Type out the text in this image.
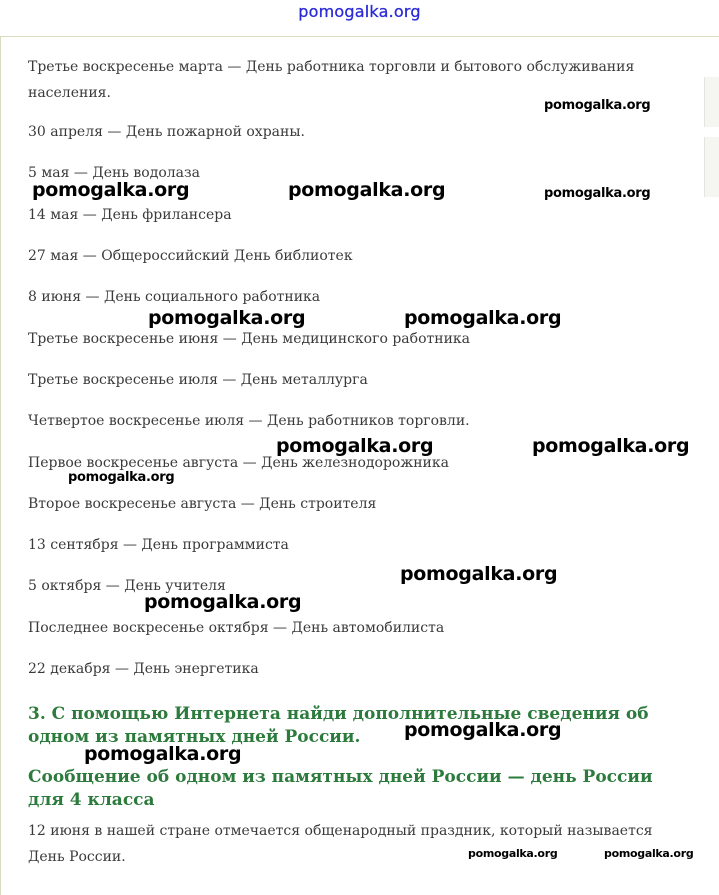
pomogalka.org
Третье воскресенье марта — День работника торговли и бытового обслуживания населения.
30 апреля — День пожарной охраны.
5 мая — День водолаза
14 мая — День фрилансера
27 мая — Общероссийский День библиотек
8 июня — День социального работника
Третье воскресенье июня — День медицинского работника
Третье воскресенье июля — День металлурга
Четвертое воскресенье июля — День работников торговли.
Первое воскресенье августа — День железнодорожника
Второе воскресенье августа — День строителя
13 сентября — День программиста
5 октября — День учителя
Последнее воскресенье октября — День автомобилиста
22 декабря — День энергетика
3. С помощью Интернета найди дополнительные сведения об одном из памятных дней России.
Сообщение об одном из памятных дней России — день России для 4 класса
12 июня в нашей стране отмечается общенародный праздник, который называется День России.
pomogalka.org
pomogalka.org	pomogalka.org	pomogalka.org
pomogalka.org	pomogalka.org
pomogalka.org	pomogalka.org
pomogalka.org
pomogalka.org
pomogalka.org
pomogalka.org
pomogalka.org
pomogalka.org	pomogalka.org
